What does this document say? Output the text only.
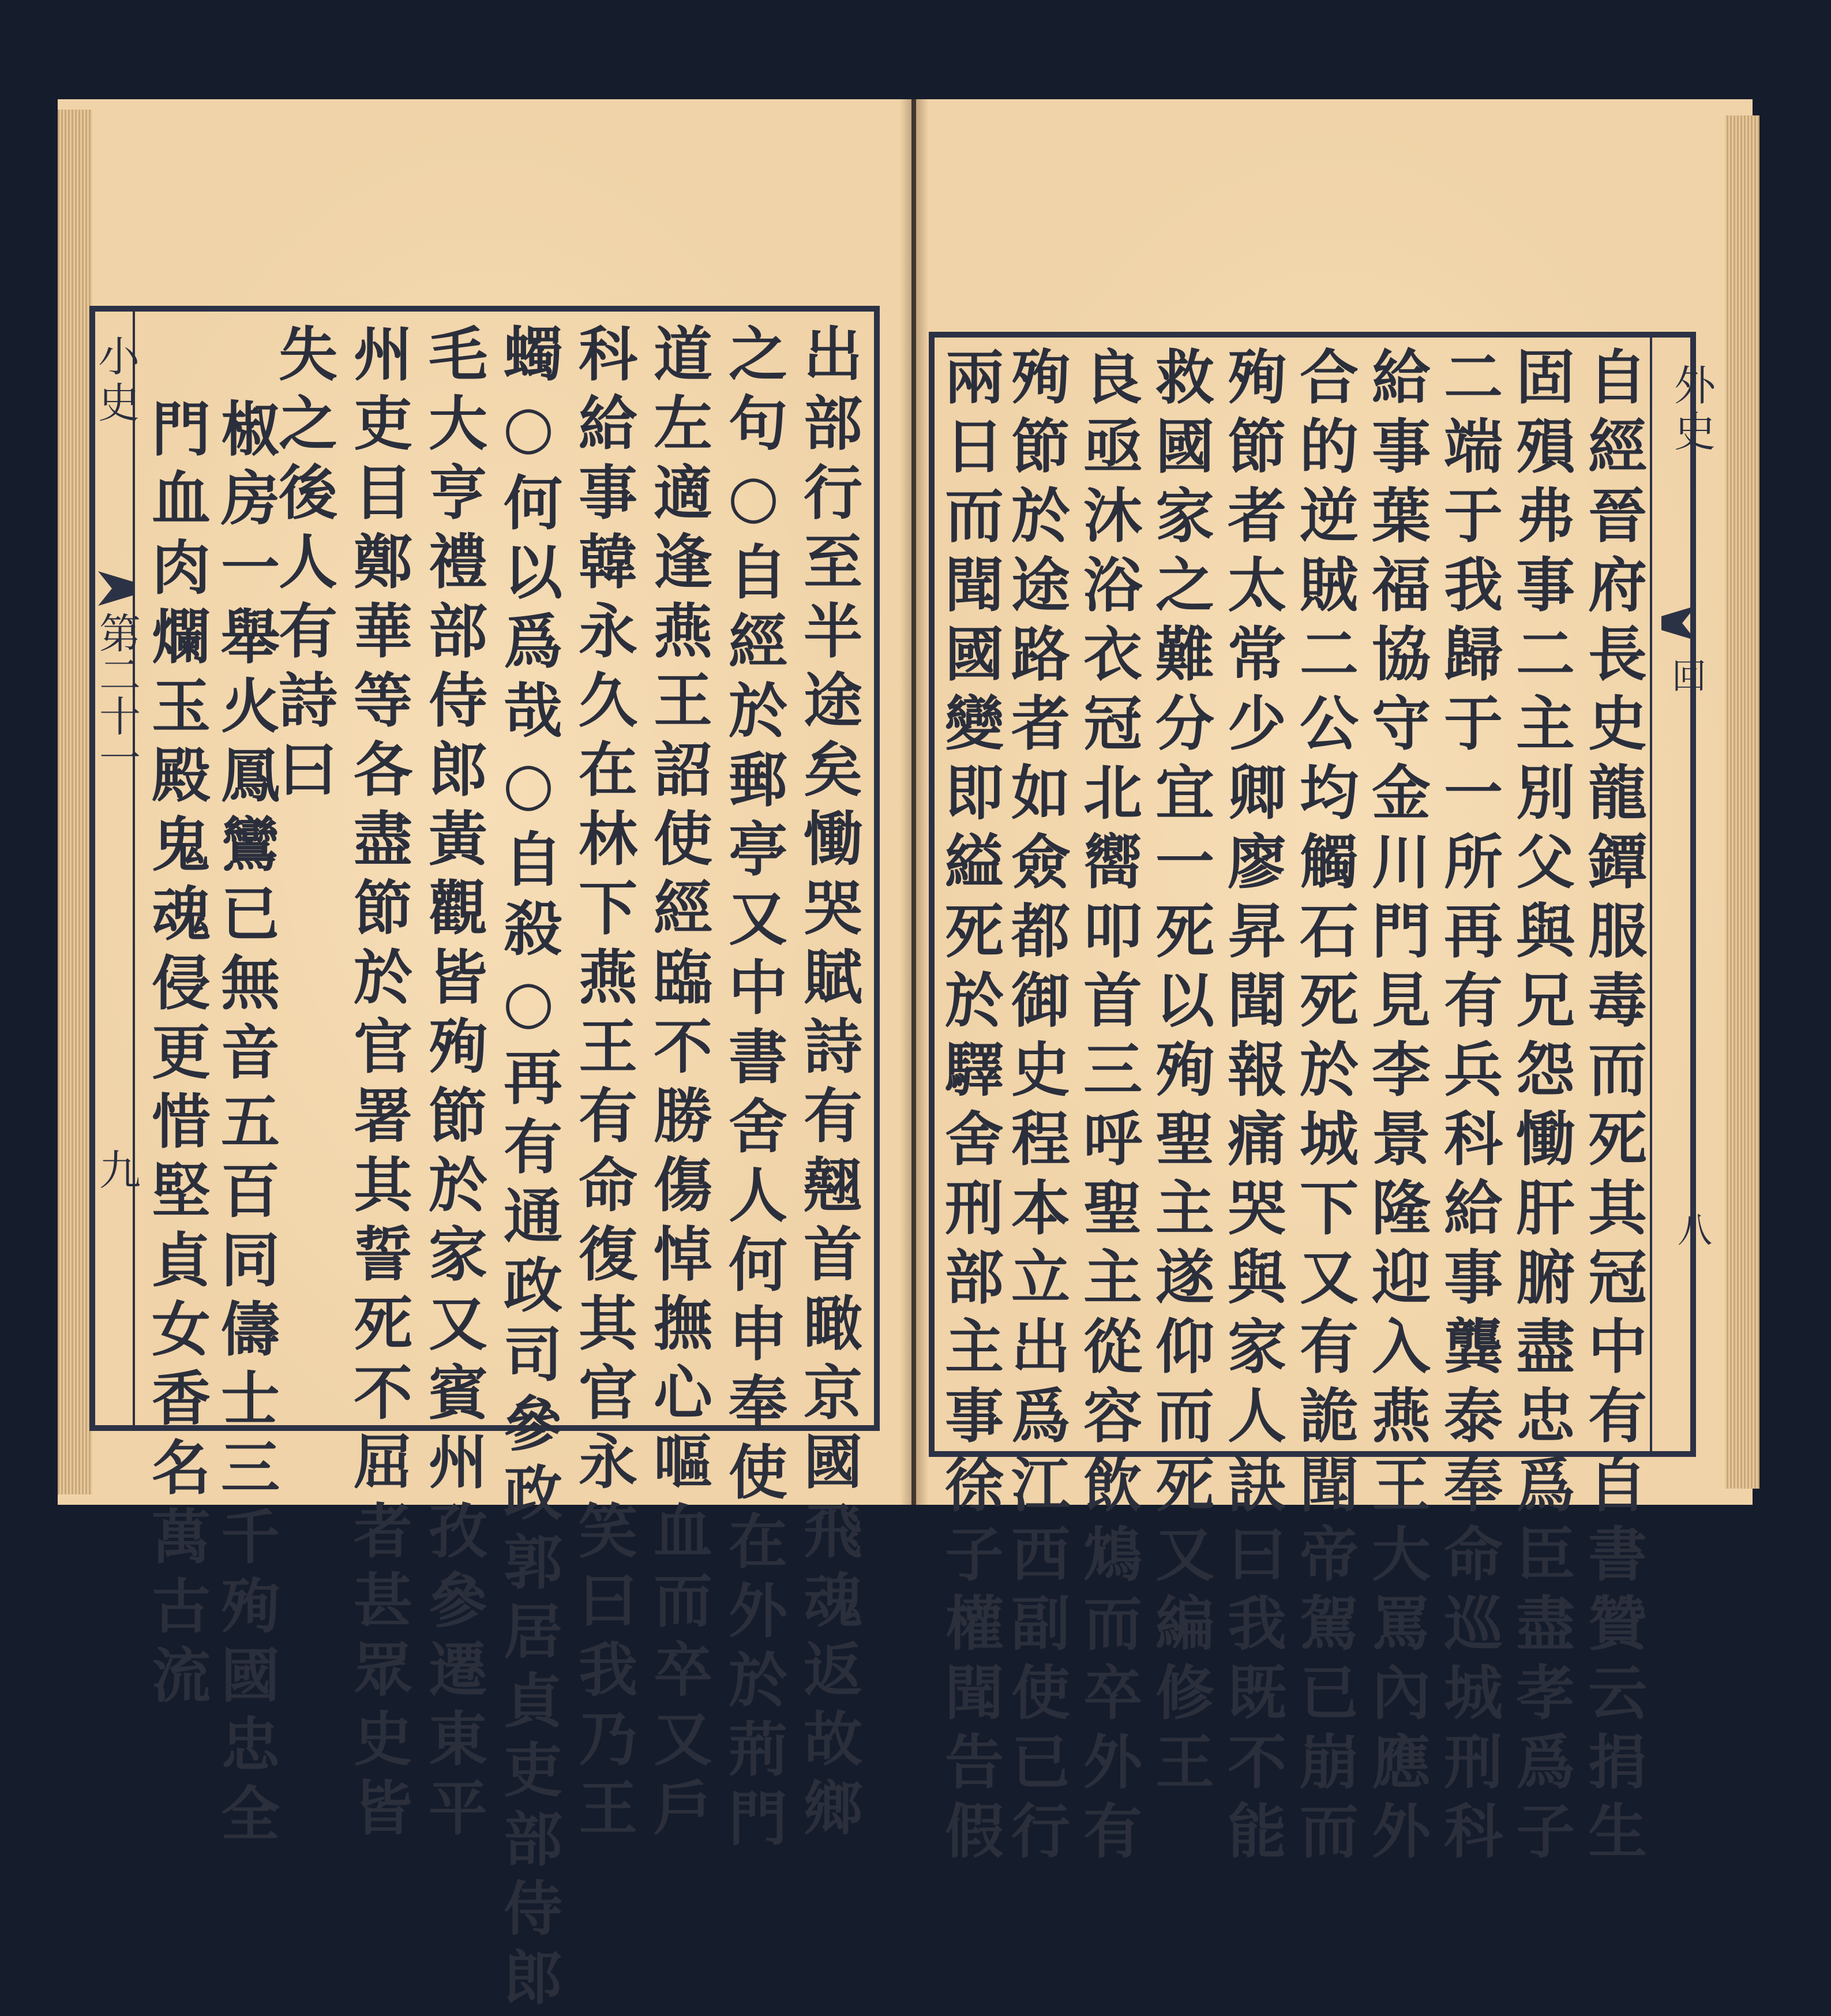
小史
第二十一
九
外史
回
八
出部行至半途矣慟哭賦詩有翹首瞰京國飛魂返故鄉
之句○自經於郵亭又中書舍人何申奉使在外於荊門
道左適逢燕王詔使經臨不勝傷悼撫心嘔血而卒又戶
科給事韓永久在林下燕王有命復其官永笑曰我乃王
蠋○何以爲哉○自殺○再有通政司參政郭居貞吏部侍郎
毛大亨禮部侍郎黃觀皆殉節於家又賓州孜參遷東平
州吏目鄭華等各盡節於官署其誓死不屈者甚眾史皆
失之後人有詩曰
椒房一舉火鳳鸞已無音五百同儔士三千殉國忠全
門血肉爛玉殿鬼魂侵更惜堅貞女香名萬古流	自經晉府長史龍鐔服毒而死其冠中有自書贊云捐生
固殞弗事二主別父與兄怨慟肝腑盡忠爲臣盡孝爲子
二端于我歸于一所再有兵科給事龔泰奉命巡城刑科
給事葉福協守金川門見李景隆迎入燕王大罵內應外
合的逆賊二公均觸石死於城下又有詭聞帝駕已崩而
殉節者太常少卿廖昇聞報痛哭與家人訣曰我既不能
救國家之難分宜一死以殉聖主遂仰而死又編修王
良亟沐浴衣冠北嚮叩首三呼聖主從容飲鴆而卒外有
殉節於途路者如僉都御史程本立出爲江西副使已行
兩日而聞國變即縊死於驛舍刑部主事徐子權聞告假
